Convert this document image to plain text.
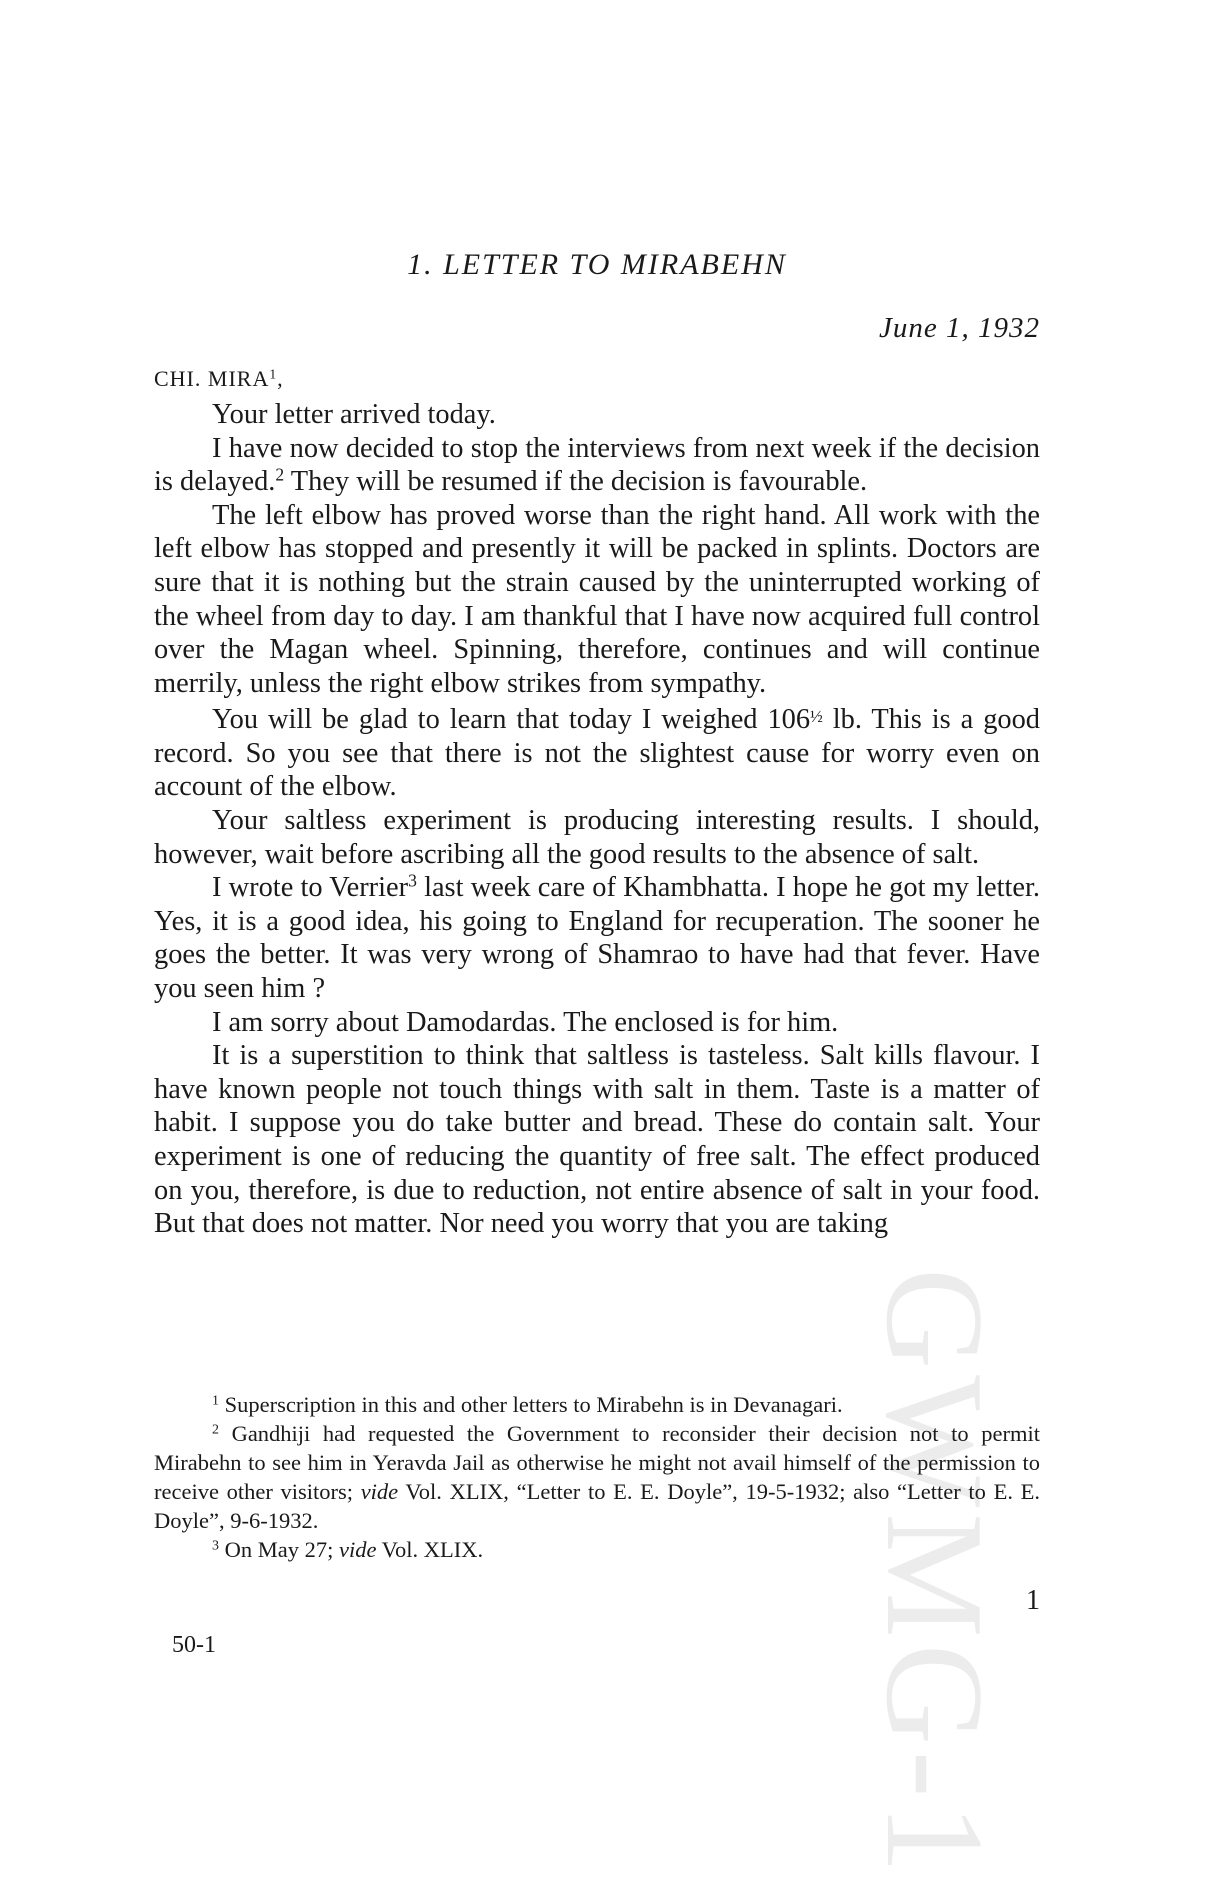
GWMG-1
1. LETTER TO MIRABEHN
June 1, 1932
CHI. MIRA$^1$,

Your letter arrived today.

I have now decided to stop the interviews from next week if the decision is delayed.$^2$ They will be resumed if the decision is favourable.

The left elbow has proved worse than the right hand. All work with the left elbow has stopped and presently it will be packed in splints. Doctors are sure that it is nothing but the strain caused by the uninterrupted working of the wheel from day to day. I am thankful that I have now acquired full control over the Magan wheel. Spinning, therefore, continues and will continue merrily, unless the right elbow strikes from sympathy.

You will be glad to learn that today I weighed $106^{\frac{1}{2}}$ lb. This is a good record. So you see that there is not the slightest cause for worry even on account of the elbow.

Your saltless experiment is producing interesting results. I should, however, wait before ascribing all the good results to the absence of salt.

I wrote to Verrier$^3$ last week care of Khambhatta. I hope he got my letter. Yes, it is a good idea, his going to England for recuperation. The sooner he goes the better. It was very wrong of Shamrao to have had that fever. Have you seen him ?

I am sorry about Damodardas. The enclosed is for him.

It is a superstition to think that saltless is tasteless. Salt kills flavour. I have known people not touch things with salt in them. Taste is a matter of habit. I suppose you do take butter and bread. These do contain salt. Your experiment is one of reducing the quantity of free salt. The effect produced on you, therefore, is due to reduction, not entire absence of salt in your food. But that does not matter. Nor need you worry that you are taking

$^1$ Superscription in this and other letters to Mirabehn is in Devanagari.

$^2$ Gandhiji had requested the Government to reconsider their decision not to permit Mirabehn to see him in Yeravda Jail as otherwise he might not avail himself of the permission to receive other visitors; vide Vol. XLIX, “Letter to E. E. Doyle”, 19-5-1932; also “Letter to E. E. Doyle”, 9-6-1932.

$^3$ On May 27; vide Vol. XLIX.

1
50-1
